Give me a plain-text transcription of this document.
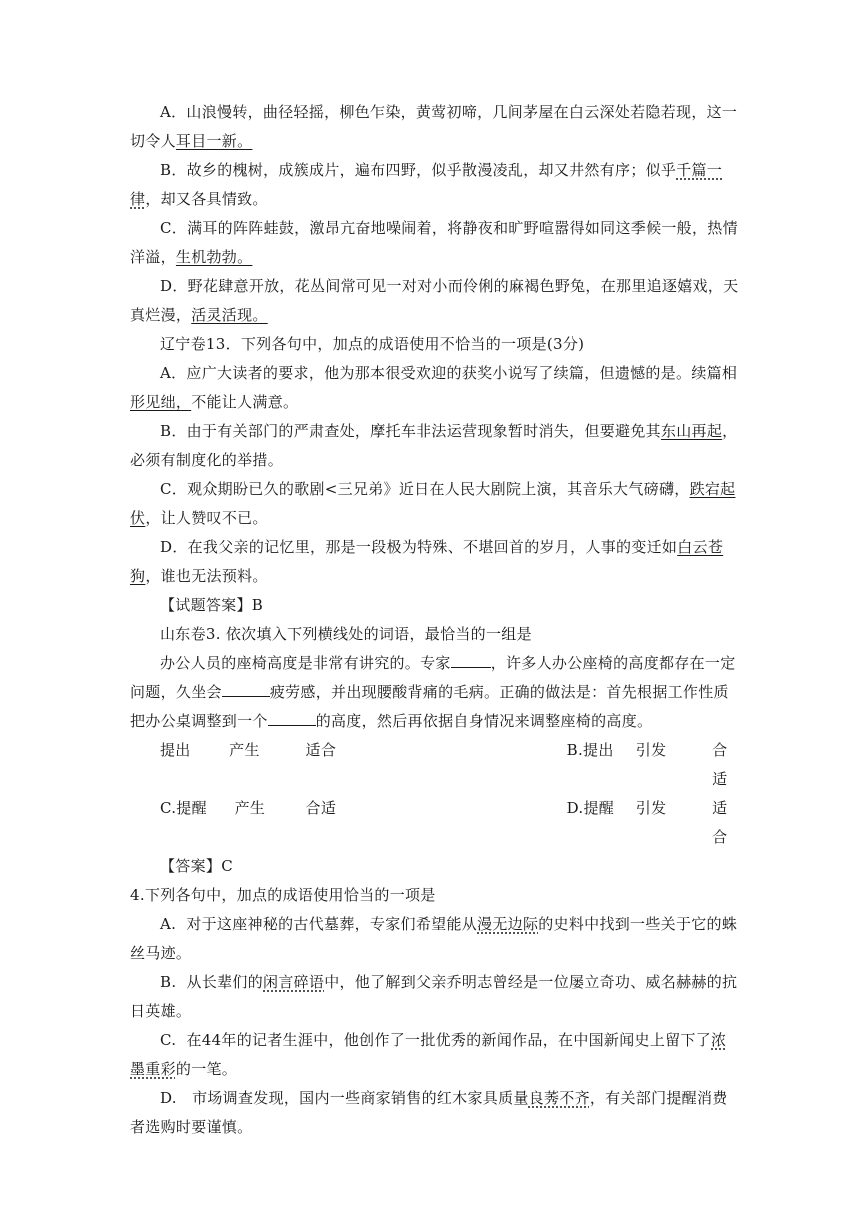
A．山浪慢转，曲径轻摇，柳色乍染，黄莺初啼，几间茅屋在白云深处若隐若现，这一切令人耳目一新。

B．故乡的槐树，成簇成片，遍布四野，似乎散漫凌乱，却又井然有序；似乎千篇一律，却又各具情致。

C．满耳的阵阵蛙鼓，激昂亢奋地噪闹着，将静夜和旷野喧嚣得如同这季候一般，热情洋溢，生机勃勃。

D．野花肆意开放，花丛间常可见一对对小而伶俐的麻褐色野兔，在那里追逐嬉戏，天真烂漫，活灵活现。

辽宁卷13．下列各句中，加点的成语使用不恰当的一项是(3分)

A．应广大读者的要求，他为那本很受欢迎的获奖小说写了续篇，但遗憾的是。续篇相形见绌，不能让人满意。

B．由于有关部门的严肃查处，摩托车非法运营现象暂时消失，但要避免其东山再起，必须有制度化的举措。

C．观众期盼已久的歌剧<三兄弟》近日在人民大剧院上演，其音乐大气磅礴，跌宕起伏，让人赞叹不已。

D．在我父亲的记忆里，那是一段极为特殊、不堪回首的岁月，人事的变迁如白云苍狗，谁也无法预料。

【试题答案】B

山东卷3. 依次填入下列横线处的词语，最恰当的一组是

办公人员的座椅高度是非常有讲究的。专家	，许多人办公座椅的高度都存在一定问题，久坐会	疲劳感，并出现腰酸背痛的毛病。正确的做法是：首先根据工作性质把办公桌调整到一个	的高度，然后再依据自身情况来调整座椅的高度。

提出	产生	适合	B.提出	引发	合适
C.提醒	产生	合适	D.提醒	引发	适合

【答案】C

4.下列各句中，加点的成语使用恰当的一项是

A.  对于这座神秘的古代墓葬，专家们希望能从漫无边际的史料中找到一些关于它的蛛丝马迹。

B.  从长辈们的闲言碎语中，他了解到父亲乔明志曾经是一位屡立奇功、威名赫赫的抗日英雄。

C.  在44年的记者生涯中，他创作了一批优秀的新闻作品，在中国新闻史上留下了浓墨重彩的一笔。

D.   市场调查发现，国内一些商家销售的红木家具质量良莠不齐，有关部门提醒消费者选购时要谨慎。
